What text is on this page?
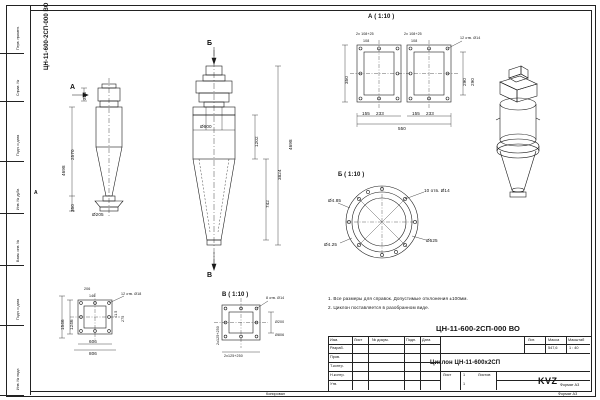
Перв. примен.
Справ. №
Подп. и дата
Инв. № дубл.
Взам. инв. №
Подп. и дата
Инв. № подл.
ЦН-11-600-2СП-000 ВО
А
228
2570
350
Ø205
Б
В
Ø600
1202
742
3824
4698
4698
А ( 1:10 )
2х 108+25
108
2х 108+25
108
12 отв. Ø14
350	290 290
155 233	155 233
550
Б ( 1:10 )
Ø4.85
Ø4.25
Ø525
10 отв. Ø14
206
146	12 отв. Ø18
41.5
275
1546 1246
606
806
В ( 1:10 )	8 отв. Ø14
2х125+250
2х125+250
Ø200
Ø806
1. Все размеры для справок. Допустимые отклонения ±100мм.
2. Циклон поставляется в разобранном виде.
ЦН-11-600-2СП-000 ВО
Циклон ЦН-11-600х2СП
Изм.	Лист	№ докум.	Подп. Дата
Разраб.
Пров.
Т.контр.
Н.контр.
Утв.
Лит.	Масса Масштаб
547,6	1 : 40
Лист	1	Листов
1	KVZ Формат A3
Копировал	Формат A3
А
